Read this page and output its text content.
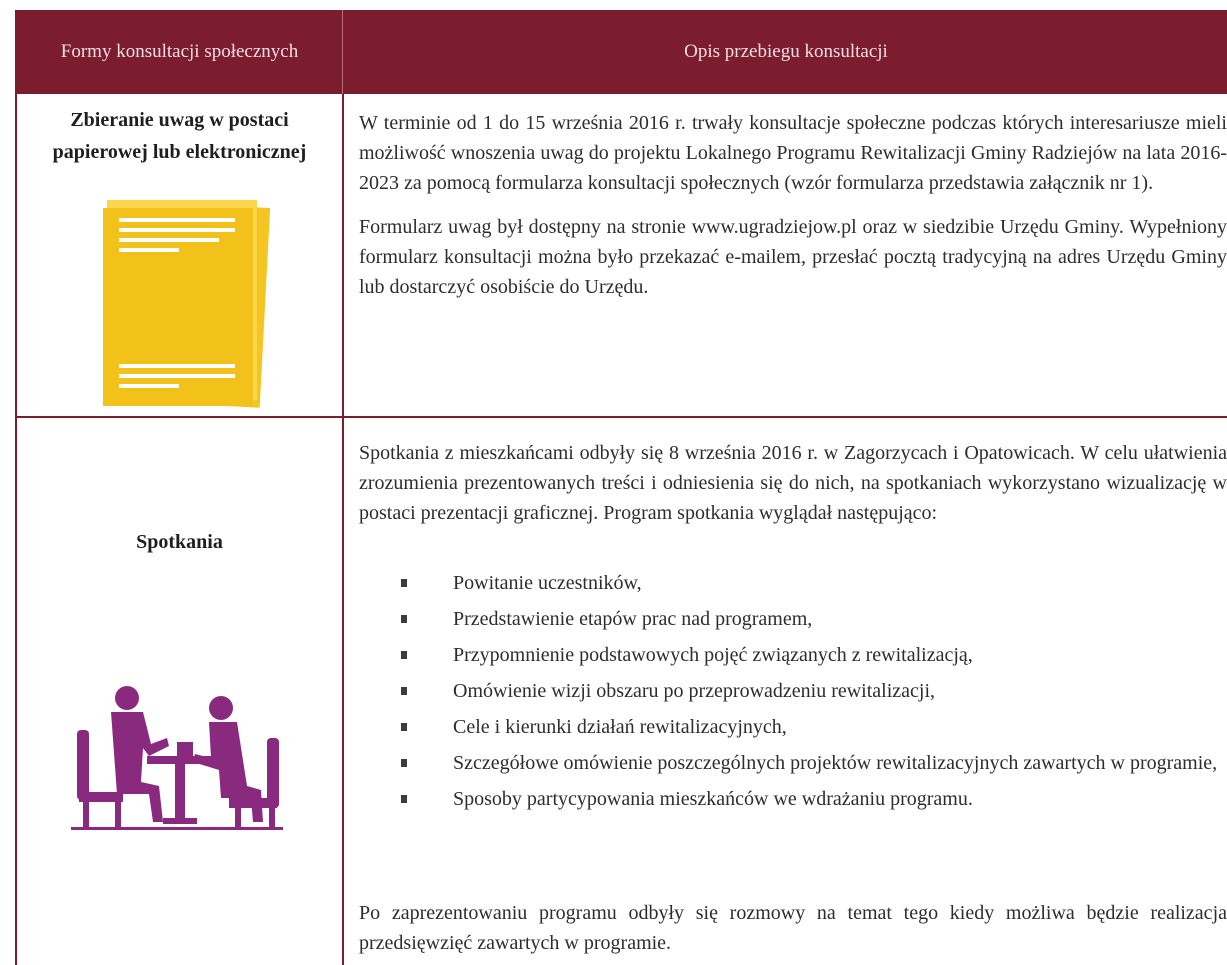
Formy konsultacji społecznych	Opis przebiegu konsultacji
Zbieranie uwag w postaci papierowej lub elektronicznej

W terminie od 1 do 15 września 2016 r. trwały konsultacje społeczne podczas których interesariusze mieli możliwość wnoszenia uwag do projektu Lokalnego Programu Rewitalizacji Gminy Radziejów na lata 2016-2023 za pomocą formularza konsultacji społecznych (wzór formularza przedstawia załącznik nr 1).

Formularz uwag był dostępny na stronie www.ugradziejow.pl oraz w siedzibie Urzędu Gminy. Wypełniony formularz konsultacji można było przekazać e-mailem, przesłać pocztą tradycyjną na adres Urzędu Gminy lub dostarczyć osobiście do Urzędu.

Spotkania
Spotkania z mieszkańcami odbyły się 8 września 2016 r. w Zagorzycach i Opatowicach. W celu ułatwienia zrozumienia prezentowanych treści i odniesienia się do nich, na spotkaniach wykorzystano wizualizację w postaci prezentacji graficznej. Program spotkania wyglądał następująco:
Powitanie uczestników,
Przedstawienie etapów prac nad programem,
Przypomnienie podstawowych pojęć związanych z rewitalizacją,
Omówienie wizji obszaru po przeprowadzeniu rewitalizacji,
Cele i kierunki działań rewitalizacyjnych,
Szczegółowe omówienie poszczególnych projektów rewitalizacyjnych zawartych w programie,
Sposoby partycypowania mieszkańców we wdrażaniu programu.
Po zaprezentowaniu programu odbyły się rozmowy na temat tego kiedy możliwa będzie realizacja przedsięwzięć zawartych w programie.
